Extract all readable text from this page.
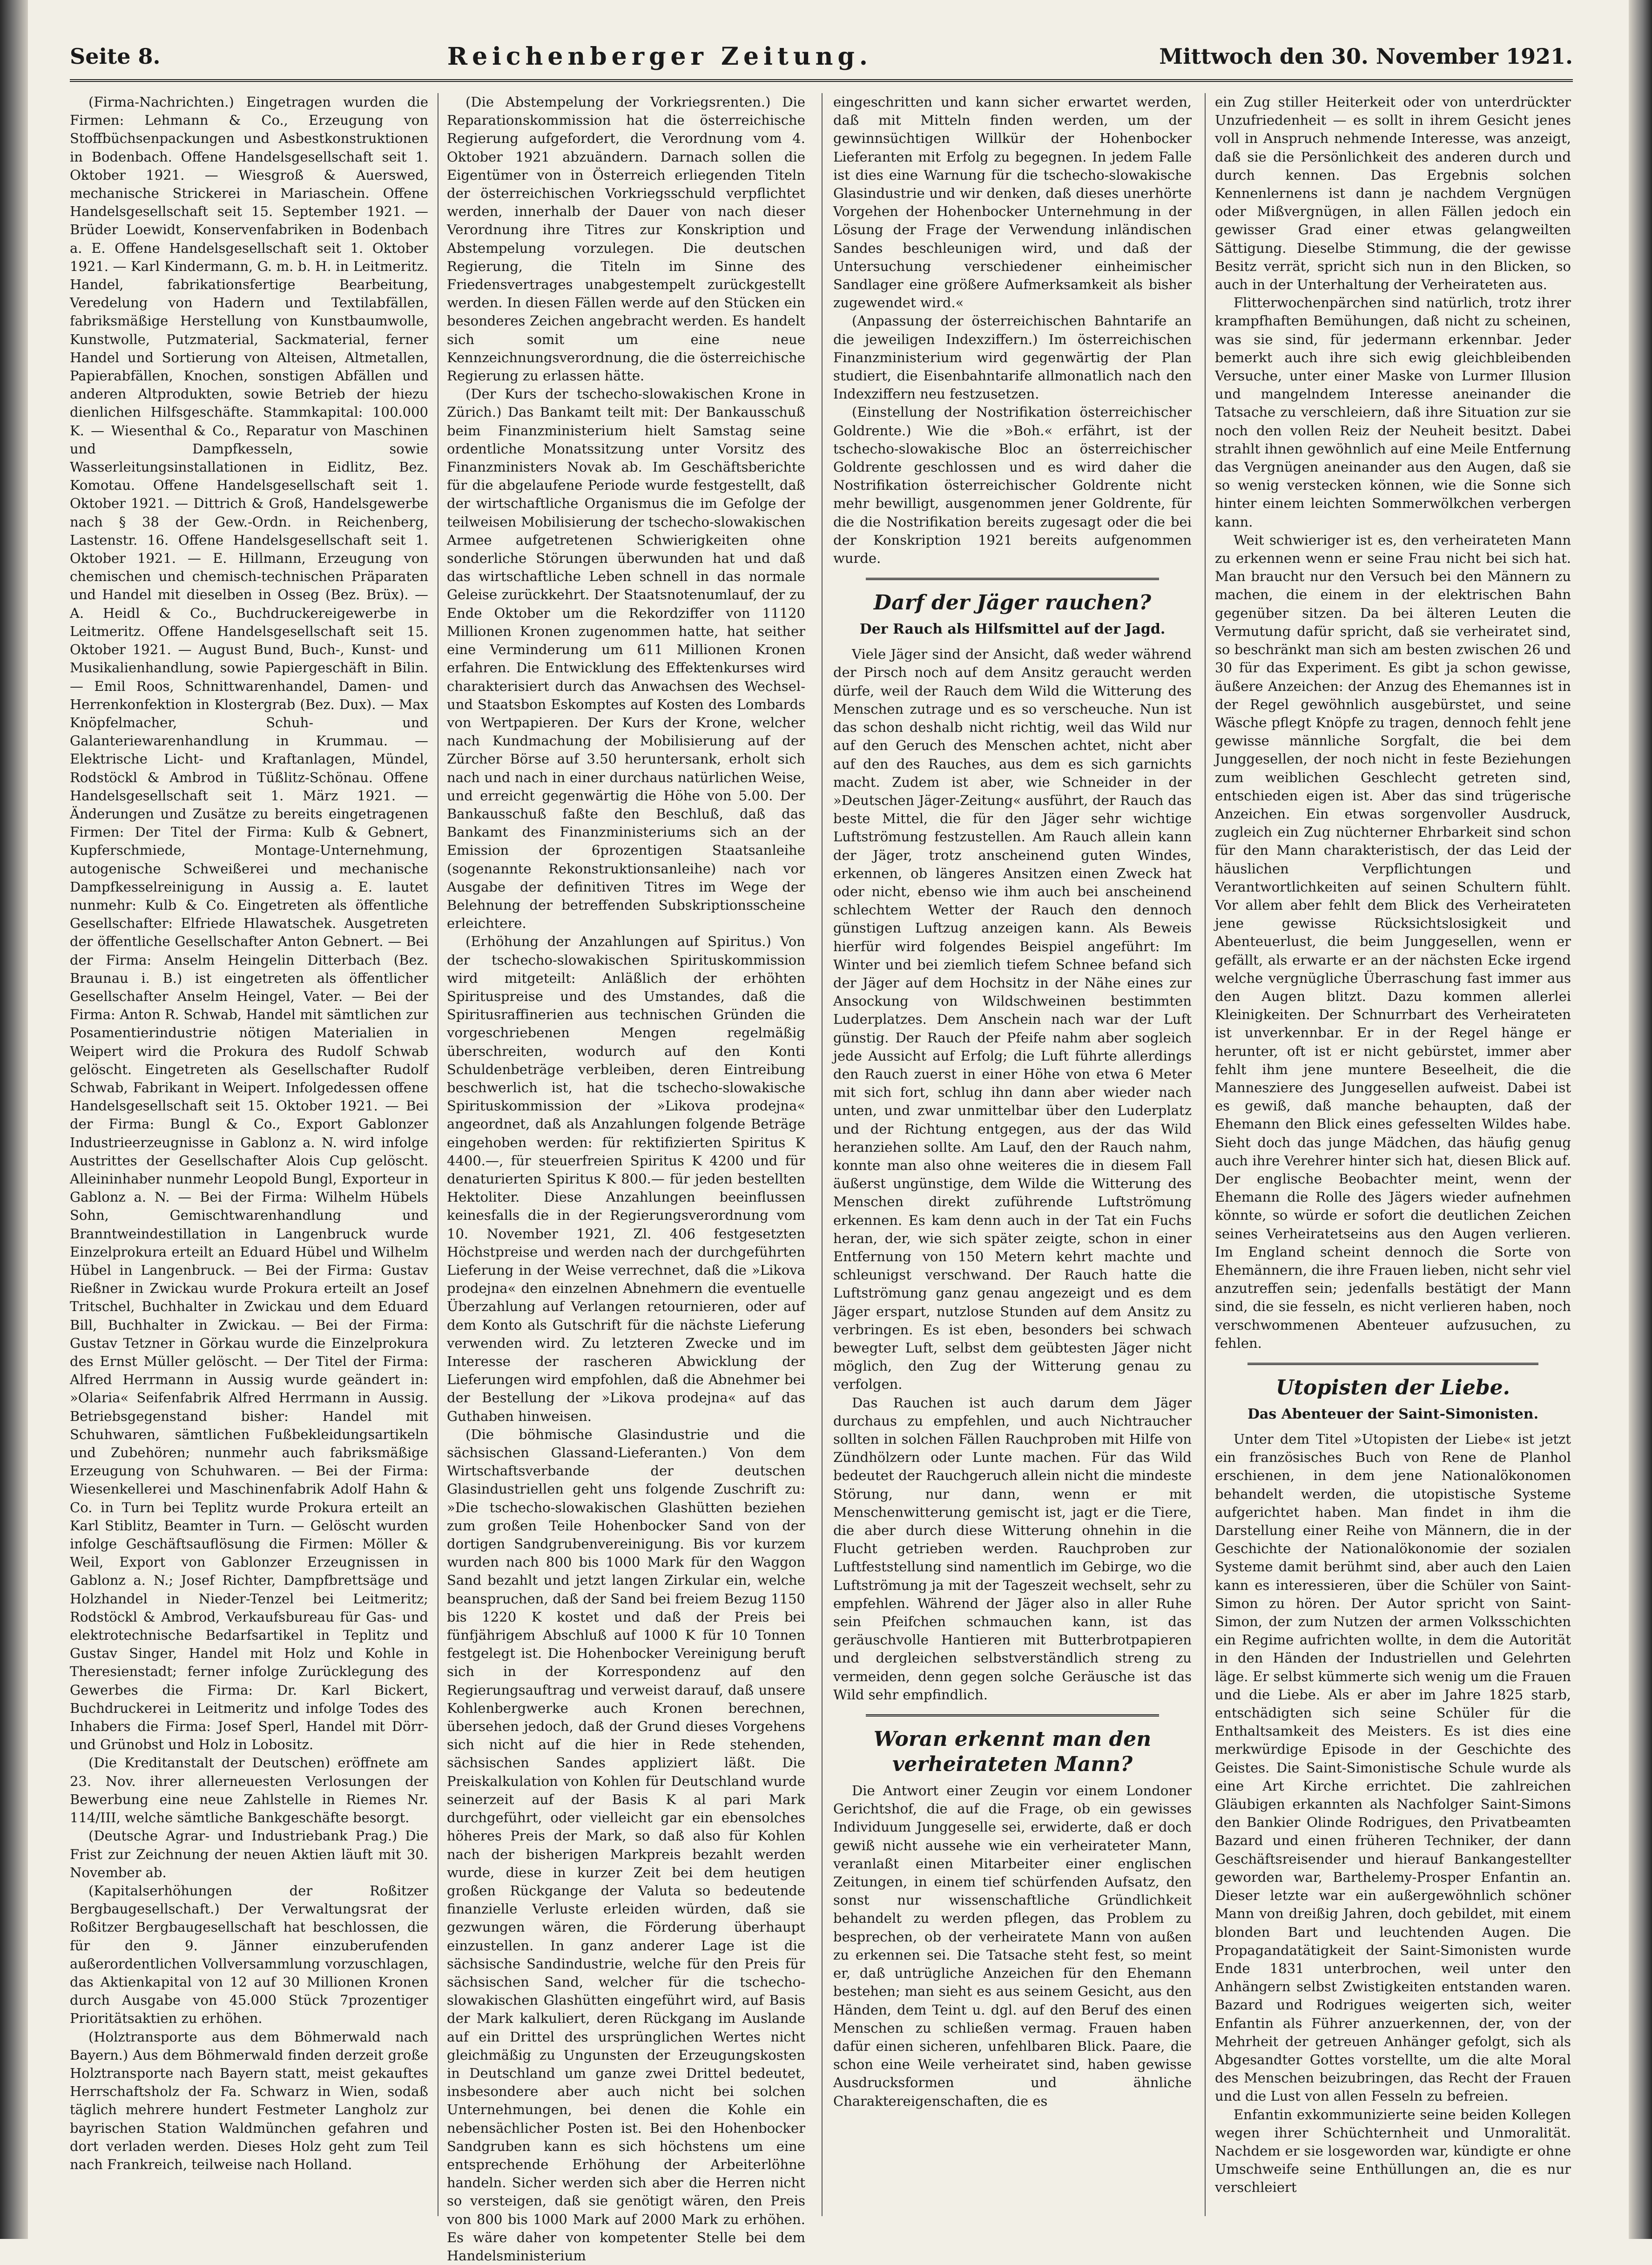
Seite 8.	Reichenberger Zeitung.	Mittwoch den 30. November 1921.

(Firma-Nachrichten.) Eingetragen wurden die Firmen: Lehmann & Co., Erzeugung von Stoffbüchsenpackungen und Asbestkonstruktionen in Bodenbach. Offene Handelsgesellschaft seit 1. Oktober 1921. — Wiesgroß & Auerswed, mechanische Strickerei in Mariaschein. Offene Handelsgesellschaft seit 15. September 1921. — Brüder Loewidt, Konservenfabriken in Bodenbach a. E. Offene Handelsgesellschaft seit 1. Oktober 1921. — Karl Kindermann, G. m. b. H. in Leitmeritz. Handel, fabrikationsfertige Bearbeitung, Veredelung von Hadern und Textilabfällen, fabriksmäßige Herstellung von Kunstbaumwolle, Kunstwolle, Putzmaterial, Sackmaterial, ferner Handel und Sortierung von Alteisen, Altmetallen, Papierabfällen, Knochen, sonstigen Abfällen und anderen Altprodukten, sowie Betrieb der hiezu dienlichen Hilfsgeschäfte. Stammkapital: 100.000 K. — Wiesenthal & Co., Reparatur von Maschinen und Dampfkesseln, sowie Wasserleitungsinstallationen in Eidlitz, Bez. Komotau. Offene Handelsgesellschaft seit 1. Oktober 1921. — Dittrich & Groß, Handelsgewerbe nach § 38 der Gew.-Ordn. in Reichenberg, Lastenstr. 16. Offene Handelsgesellschaft seit 1. Oktober 1921. — E. Hillmann, Erzeugung von chemischen und chemisch-technischen Präparaten und Handel mit dieselben in Osseg (Bez. Brüx). — A. Heidl & Co., Buchdruckereigewerbe in Leitmeritz. Offene Handelsgesellschaft seit 15. Oktober 1921. — August Bund, Buch-, Kunst- und Musikalienhandlung, sowie Papiergeschäft in Bilin. — Emil Roos, Schnittwarenhandel, Damen- und Herrenkonfektion in Klostergrab (Bez. Dux). — Max Knöpfelmacher, Schuh- und Galanteriewarenhandlung in Krummau. — Elektrische Licht- und Kraftanlagen, Mündel, Rodstöckl & Ambrod in Tüßlitz-Schönau. Offene Handelsgesellschaft seit 1. März 1921. — Änderungen und Zusätze zu bereits eingetragenen Firmen: Der Titel der Firma: Kulb & Gebnert, Kupferschmiede, Montage-Unternehmung, autogenische Schweißerei und mechanische Dampfkesselreinigung in Aussig a. E. lautet nunmehr: Kulb & Co. Eingetreten als öffentliche Gesellschafter: Elfriede Hlawatschek. Ausgetreten der öffentliche Gesellschafter Anton Gebnert. — Bei der Firma: Anselm Heingelin Ditterbach (Bez. Braunau i. B.) ist eingetreten als öffentlicher Gesellschafter Anselm Heingel, Vater. — Bei der Firma: Anton R. Schwab, Handel mit sämtlichen zur Posamentierindustrie nötigen Materialien in Weipert wird die Prokura des Rudolf Schwab gelöscht. Eingetreten als Gesellschafter Rudolf Schwab, Fabrikant in Weipert. Infolgedessen offene Handelsgesellschaft seit 15. Oktober 1921. — Bei der Firma: Bungl & Co., Export Gablonzer Industrieerzeugnisse in Gablonz a. N. wird infolge Austrittes der Gesellschafter Alois Cup gelöscht. Alleininhaber nunmehr Leopold Bungl, Exporteur in Gablonz a. N. — Bei der Firma: Wilhelm Hübels Sohn, Gemischtwarenhandlung und Branntweindestillation in Langenbruck wurde Einzelprokura erteilt an Eduard Hübel und Wilhelm Hübel in Langenbruck. — Bei der Firma: Gustav Rießner in Zwickau wurde Prokura erteilt an Josef Tritschel, Buchhalter in Zwickau und dem Eduard Bill, Buchhalter in Zwickau. — Bei der Firma: Gustav Tetzner in Görkau wurde die Einzelprokura des Ernst Müller gelöscht. — Der Titel der Firma: Alfred Herrmann in Aussig wurde geändert in: »Olaria« Seifenfabrik Alfred Herrmann in Aussig. Betriebsgegenstand bisher: Handel mit Schuhwaren, sämtlichen Fußbekleidungsartikeln und Zubehören; nunmehr auch fabriksmäßige Erzeugung von Schuhwaren. — Bei der Firma: Wiesenkellerei und Maschinenfabrik Adolf Hahn & Co. in Turn bei Teplitz wurde Prokura erteilt an Karl Stiblitz, Beamter in Turn. — Gelöscht wurden infolge Geschäftsauflösung die Firmen: Möller & Weil, Export von Gablonzer Erzeugnissen in Gablonz a. N.; Josef Richter, Dampfbrettsäge und Holzhandel in Nieder-Tenzel bei Leitmeritz; Rodstöckl & Ambrod, Verkaufsbureau für Gas- und elektrotechnische Bedarfsartikel in Teplitz und Gustav Singer, Handel mit Holz und Kohle in Theresienstadt; ferner infolge Zurücklegung des Gewerbes die Firma: Dr. Karl Bickert, Buchdruckerei in Leitmeritz und infolge Todes des Inhabers die Firma: Josef Sperl, Handel mit Dörr- und Grünobst und Holz in Lobositz.

(Die Kreditanstalt der Deutschen) eröffnete am 23. Nov. ihrer allerneuesten Verlosungen der Bewerbung eine neue Zahlstelle in Riemes Nr. 114/III, welche sämtliche Bankgeschäfte besorgt.

(Deutsche Agrar- und Industriebank Prag.) Die Frist zur Zeichnung der neuen Aktien läuft mit 30. November ab.

(Kapitalserhöhungen der Roßitzer Bergbaugesellschaft.) Der Verwaltungsrat der Roßitzer Bergbaugesellschaft hat beschlossen, die für den 9. Jänner einzuberufenden außerordentlichen Vollversammlung vorzuschlagen, das Aktienkapital von 12 auf 30 Millionen Kronen durch Ausgabe von 45.000 Stück 7prozentiger Prioritätsaktien zu erhöhen.

(Holztransporte aus dem Böhmerwald nach Bayern.) Aus dem Böhmerwald finden derzeit große Holztransporte nach Bayern statt, meist gekauftes Herrschaftsholz der Fa. Schwarz in Wien, sodaß täglich mehrere hundert Festmeter Langholz zur bayrischen Station Waldmünchen gefahren und dort verladen werden. Dieses Holz geht zum Teil nach Frankreich, teilweise nach Holland.

(Die Abstempelung der Vorkriegsrenten.) Die Reparationskommission hat die österreichische Regierung aufgefordert, die Verordnung vom 4. Oktober 1921 abzuändern. Darnach sollen die Eigentümer von in Österreich erliegenden Titeln der österreichischen Vorkriegsschuld verpflichtet werden, innerhalb der Dauer von nach dieser Verordnung ihre Titres zur Konskription und Abstempelung vorzulegen. Die deutschen Regierung, die Titeln im Sinne des Friedensvertrages unabgestempelt zurückgestellt werden. In diesen Fällen werde auf den Stücken ein besonderes Zeichen angebracht werden. Es handelt sich somit um eine neue Kennzeichnungsverordnung, die die österreichische Regierung zu erlassen hätte.

(Der Kurs der tschecho-slowakischen Krone in Zürich.) Das Bankamt teilt mit: Der Bankausschuß beim Finanzministerium hielt Samstag seine ordentliche Monatssitzung unter Vorsitz des Finanzministers Novak ab. Im Geschäftsberichte für die abgelaufene Periode wurde festgestellt, daß der wirtschaftliche Organismus die im Gefolge der teilweisen Mobilisierung der tschecho-slowakischen Armee aufgetretenen Schwierigkeiten ohne sonderliche Störungen überwunden hat und daß das wirtschaftliche Leben schnell in das normale Geleise zurückkehrt. Der Staatsnotenumlauf, der zu Ende Oktober um die Rekordziffer von 11120 Millionen Kronen zugenommen hatte, hat seither eine Verminderung um 611 Millionen Kronen erfahren. Die Entwicklung des Effektenkurses wird charakterisiert durch das Anwachsen des Wechsel- und Staatsbon Eskomptes auf Kosten des Lombards von Wertpapieren. Der Kurs der Krone, welcher nach Kundmachung der Mobilisierung auf der Zürcher Börse auf 3.50 heruntersank, erholt sich nach und nach in einer durchaus natürlichen Weise, und erreicht gegenwärtig die Höhe von 5.00. Der Bankausschuß faßte den Beschluß, daß das Bankamt des Finanzministeriums sich an der Emission der 6prozentigen Staatsanleihe (sogenannte Rekonstruktionsanleihe) nach vor Ausgabe der definitiven Titres im Wege der Belehnung der betreffenden Subskriptionsscheine erleichtere.

(Erhöhung der Anzahlungen auf Spiritus.) Von der tschecho-slowakischen Spirituskommission wird mitgeteilt: Anläßlich der erhöhten Spirituspreise und des Umstandes, daß die Spiritusraffinerien aus technischen Gründen die vorgeschriebenen Mengen regelmäßig überschreiten, wodurch auf den Konti Schuldenbeträge verbleiben, deren Eintreibung beschwerlich ist, hat die tschecho-slowakische Spirituskommission der »Likova prodejna« angeordnet, daß als Anzahlungen folgende Beträge eingehoben werden: für rektifizierten Spiritus K 4400.—, für steuerfreien Spiritus K 4200 und für denaturierten Spiritus K 800.— für jeden bestellten Hektoliter. Diese Anzahlungen beeinflussen keinesfalls die in der Regierungsverordnung vom 10. November 1921, Zl. 406 festgesetzten Höchstpreise und werden nach der durchgeführten Lieferung in der Weise verrechnet, daß die »Likova prodejna« den einzelnen Abnehmern die eventuelle Überzahlung auf Verlangen retournieren, oder auf dem Konto als Gutschrift für die nächste Lieferung verwenden wird. Zu letzteren Zwecke und im Interesse der rascheren Abwicklung der Lieferungen wird empfohlen, daß die Abnehmer bei der Bestellung der »Likova prodejna« auf das Guthaben hinweisen.

(Die böhmische Glasindustrie und die sächsischen Glassand-Lieferanten.) Von dem Wirtschaftsverbande der deutschen Glasindustriellen geht uns folgende Zuschrift zu: »Die tschecho-slowakischen Glashütten beziehen zum großen Teile Hohenbocker Sand von der dortigen Sandgrubenvereinigung. Bis vor kurzem wurden nach 800 bis 1000 Mark für den Waggon Sand bezahlt und jetzt langen Zirkular ein, welche beanspruchen, daß der Sand bei freiem Bezug 1150 bis 1220 K kostet und daß der Preis bei fünfjährigem Abschluß auf 1000 K für 10 Tonnen festgelegt ist. Die Hohenbocker Vereinigung beruft sich in der Korrespondenz auf den Regierungsauftrag und verweist darauf, daß unsere Kohlenbergwerke auch Kronen berechnen, übersehen jedoch, daß der Grund dieses Vorgehens sich nicht auf die hier in Rede stehenden, sächsischen Sandes appliziert läßt. Die Preiskalkulation von Kohlen für Deutschland wurde seinerzeit auf der Basis K al pari Mark durchgeführt, oder vielleicht gar ein ebensolches höheres Preis der Mark, so daß also für Kohlen nach der bisherigen Markpreis bezahlt werden wurde, diese in kurzer Zeit bei dem heutigen großen Rückgange der Valuta so bedeutende finanzielle Verluste erleiden würden, daß sie gezwungen wären, die Förderung überhaupt einzustellen. In ganz anderer Lage ist die sächsische Sandindustrie, welche für den Preis für sächsischen Sand, welcher für die tschecho-slowakischen Glashütten eingeführt wird, auf Basis der Mark kalkuliert, deren Rückgang im Auslande auf ein Drittel des ursprünglichen Wertes nicht gleichmäßig zu Ungunsten der Erzeugungskosten in Deutschland um ganze zwei Drittel bedeutet, insbesondere aber auch nicht bei solchen Unternehmungen, bei denen die Kohle ein nebensächlicher Posten ist. Bei den Hohenbocker Sandgruben kann es sich höchstens um eine entsprechende Erhöhung der Arbeiterlöhne handeln. Sicher werden sich aber die Herren nicht so versteigen, daß sie genötigt wären, den Preis von 800 bis 1000 Mark auf 2000 Mark zu erhöhen. Es wäre daher von kompetenter Stelle bei dem Handelsministerium

eingeschritten und kann sicher erwartet werden, daß mit Mitteln finden werden, um der gewinnsüchtigen Willkür der Hohenbocker Lieferanten mit Erfolg zu begegnen. In jedem Falle ist dies eine Warnung für die tschecho-slowakische Glasindustrie und wir denken, daß dieses unerhörte Vorgehen der Hohenbocker Unternehmung in der Lösung der Frage der Verwendung inländischen Sandes beschleunigen wird, und daß der Untersuchung verschiedener einheimischer Sandlager eine größere Aufmerksamkeit als bisher zugewendet wird.«

(Anpassung der österreichischen Bahntarife an die jeweiligen Indexziffern.) Im österreichischen Finanzministerium wird gegenwärtig der Plan studiert, die Eisenbahntarife allmonatlich nach den Indexziffern neu festzusetzen.

(Einstellung der Nostrifikation österreichischer Goldrente.) Wie die »Boh.« erfährt, ist der tschecho-slowakische Bloc an österreichischer Goldrente geschlossen und es wird daher die Nostrifikation österreichischer Goldrente nicht mehr bewilligt, ausgenommen jener Goldrente, für die die Nostrifikation bereits zugesagt oder die bei der Konskription 1921 bereits aufgenommen wurde.

Darf der Jäger rauchen?
Der Rauch als Hilfsmittel auf der Jagd.

Viele Jäger sind der Ansicht, daß weder während der Pirsch noch auf dem Ansitz geraucht werden dürfe, weil der Rauch dem Wild die Witterung des Menschen zutrage und es so verscheuche. Nun ist das schon deshalb nicht richtig, weil das Wild nur auf den Geruch des Menschen achtet, nicht aber auf den des Rauches, aus dem es sich garnichts macht. Zudem ist aber, wie Schneider in der »Deutschen Jäger-Zeitung« ausführt, der Rauch das beste Mittel, die für den Jäger sehr wichtige Luftströmung festzustellen. Am Rauch allein kann der Jäger, trotz anscheinend guten Windes, erkennen, ob längeres Ansitzen einen Zweck hat oder nicht, ebenso wie ihm auch bei anscheinend schlechtem Wetter der Rauch den dennoch günstigen Luftzug anzeigen kann. Als Beweis hierfür wird folgendes Beispiel angeführt: Im Winter und bei ziemlich tiefem Schnee befand sich der Jäger auf dem Hochsitz in der Nähe eines zur Ansockung von Wildschweinen bestimmten Luderplatzes. Dem Anschein nach war der Luft günstig. Der Rauch der Pfeife nahm aber sogleich jede Aussicht auf Erfolg; die Luft führte allerdings den Rauch zuerst in einer Höhe von etwa 6 Meter mit sich fort, schlug ihn dann aber wieder nach unten, und zwar unmittelbar über den Luderplatz und der Richtung entgegen, aus der das Wild heranziehen sollte. Am Lauf, den der Rauch nahm, konnte man also ohne weiteres die in diesem Fall äußerst ungünstige, dem Wilde die Witterung des Menschen direkt zuführende Luftströmung erkennen. Es kam denn auch in der Tat ein Fuchs heran, der, wie sich später zeigte, schon in einer Entfernung von 150 Metern kehrt machte und schleunigst verschwand. Der Rauch hatte die Luftströmung ganz genau angezeigt und es dem Jäger erspart, nutzlose Stunden auf dem Ansitz zu verbringen. Es ist eben, besonders bei schwach bewegter Luft, selbst dem geübtesten Jäger nicht möglich, den Zug der Witterung genau zu verfolgen.

Das Rauchen ist auch darum dem Jäger durchaus zu empfehlen, und auch Nichtraucher sollten in solchen Fällen Rauchproben mit Hilfe von Zündhölzern oder Lunte machen. Für das Wild bedeutet der Rauchgeruch allein nicht die mindeste Störung, nur dann, wenn er mit Menschenwitterung gemischt ist, jagt er die Tiere, die aber durch diese Witterung ohnehin in die Flucht getrieben werden. Rauchproben zur Luftfeststellung sind namentlich im Gebirge, wo die Luftströmung ja mit der Tageszeit wechselt, sehr zu empfehlen. Während der Jäger also in aller Ruhe sein Pfeifchen schmauchen kann, ist das geräuschvolle Hantieren mit Butterbrotpapieren und dergleichen selbstverständlich streng zu vermeiden, denn gegen solche Geräusche ist das Wild sehr empfindlich.

Woran erkennt man den verheirateten Mann?

Die Antwort einer Zeugin vor einem Londoner Gerichtshof, die auf die Frage, ob ein gewisses Individuum Junggeselle sei, erwiderte, daß er doch gewiß nicht aussehe wie ein verheirateter Mann, veranlaßt einen Mitarbeiter einer englischen Zeitungen, in einem tief schürfenden Aufsatz, den sonst nur wissenschaftliche Gründlichkeit behandelt zu werden pflegen, das Problem zu besprechen, ob der verheiratete Mann von außen zu erkennen sei. Die Tatsache steht fest, so meint er, daß untrügliche Anzeichen für den Ehemann bestehen; man sieht es aus seinem Gesicht, aus den Händen, dem Teint u. dgl. auf den Beruf des einen Menschen zu schließen vermag. Frauen haben dafür einen sicheren, unfehlbaren Blick. Paare, die schon eine Weile verheiratet sind, haben gewisse Ausdrucksformen und ähnliche Charaktereigenschaften, die es

ein Zug stiller Heiterkeit oder von unterdrückter Unzufriedenheit — es sollt in ihrem Gesicht jenes voll in Anspruch nehmende Interesse, was anzeigt, daß sie die Persönlichkeit des anderen durch und durch kennen. Das Ergebnis solchen Kennenlernens ist dann je nachdem Vergnügen oder Mißvergnügen, in allen Fällen jedoch ein gewisser Grad einer etwas gelangweilten Sättigung. Dieselbe Stimmung, die der gewisse Besitz verrät, spricht sich nun in den Blicken, so auch in der Unterhaltung der Verheirateten aus.

Flitterwochenpärchen sind natürlich, trotz ihrer krampfhaften Bemühungen, daß nicht zu scheinen, was sie sind, für jedermann erkennbar. Jeder bemerkt auch ihre sich ewig gleichbleibenden Versuche, unter einer Maske von Lurmer Illusion und mangelndem Interesse aneinander die Tatsache zu verschleiern, daß ihre Situation zur sie noch den vollen Reiz der Neuheit besitzt. Dabei strahlt ihnen gewöhnlich auf eine Meile Entfernung das Vergnügen aneinander aus den Augen, daß sie so wenig verstecken können, wie die Sonne sich hinter einem leichten Sommerwölkchen verbergen kann.

Weit schwieriger ist es, den verheirateten Mann zu erkennen wenn er seine Frau nicht bei sich hat. Man braucht nur den Versuch bei den Männern zu machen, die einem in der elektrischen Bahn gegenüber sitzen. Da bei älteren Leuten die Vermutung dafür spricht, daß sie verheiratet sind, so beschränkt man sich am besten zwischen 26 und 30 für das Experiment. Es gibt ja schon gewisse, äußere Anzeichen: der Anzug des Ehemannes ist in der Regel gewöhnlich ausgebürstet, und seine Wäsche pflegt Knöpfe zu tragen, dennoch fehlt jene gewisse männliche Sorgfalt, die bei dem Junggesellen, der noch nicht in feste Beziehungen zum weiblichen Geschlecht getreten sind, entschieden eigen ist. Aber das sind trügerische Anzeichen. Ein etwas sorgenvoller Ausdruck, zugleich ein Zug nüchterner Ehrbarkeit sind schon für den Mann charakteristisch, der das Leid der häuslichen Verpflichtungen und Verantwortlichkeiten auf seinen Schultern fühlt. Vor allem aber fehlt dem Blick des Verheirateten jene gewisse Rücksichtslosigkeit und Abenteuerlust, die beim Junggesellen, wenn er gefällt, als erwarte er an der nächsten Ecke irgend welche vergnügliche Überraschung fast immer aus den Augen blitzt. Dazu kommen allerlei Kleinigkeiten. Der Schnurrbart des Verheirateten ist unverkennbar. Er in der Regel hänge er herunter, oft ist er nicht gebürstet, immer aber fehlt ihm jene muntere Beseelheit, die die Mannesziere des Junggesellen aufweist. Dabei ist es gewiß, daß manche behaupten, daß der Ehemann den Blick eines gefesselten Wildes habe. Sieht doch das junge Mädchen, das häufig genug auch ihre Verehrer hinter sich hat, diesen Blick auf. Der englische Beobachter meint, wenn der Ehemann die Rolle des Jägers wieder aufnehmen könnte, so würde er sofort die deutlichen Zeichen seines Verheiratetseins aus den Augen verlieren. Im England scheint dennoch die Sorte von Ehemännern, die ihre Frauen lieben, nicht sehr viel anzutreffen sein; jedenfalls bestätigt der Mann sind, die sie fesseln, es nicht verlieren haben, noch verschwommenen Abenteuer aufzusuchen, zu fehlen.

Utopisten der Liebe.
Das Abenteuer der Saint-Simonisten.

Unter dem Titel »Utopisten der Liebe« ist jetzt ein französisches Buch von Rene de Planhol erschienen, in dem jene Nationalökonomen behandelt werden, die utopistische Systeme aufgerichtet haben. Man findet in ihm die Darstellung einer Reihe von Männern, die in der Geschichte der Nationalökonomie der sozialen Systeme damit berühmt sind, aber auch den Laien kann es interessieren, über die Schüler von Saint-Simon zu hören. Der Autor spricht von Saint-Simon, der zum Nutzen der armen Volksschichten ein Regime aufrichten wollte, in dem die Autorität in den Händen der Industriellen und Gelehrten läge. Er selbst kümmerte sich wenig um die Frauen und die Liebe. Als er aber im Jahre 1825 starb, entschädigten sich seine Schüler für die Enthaltsamkeit des Meisters. Es ist dies eine merkwürdige Episode in der Geschichte des Geistes. Die Saint-Simonistische Schule wurde als eine Art Kirche errichtet. Die zahlreichen Gläubigen erkannten als Nachfolger Saint-Simons den Bankier Olinde Rodrigues, den Privatbeamten Bazard und einen früheren Techniker, der dann Geschäftsreisender und hierauf Bankangestellter geworden war, Barthelemy-Prosper Enfantin an. Dieser letzte war ein außergewöhnlich schöner Mann von dreißig Jahren, doch gebildet, mit einem blonden Bart und leuchtenden Augen. Die Propagandatätigkeit der Saint-Simonisten wurde Ende 1831 unterbrochen, weil unter den Anhängern selbst Zwistigkeiten entstanden waren. Bazard und Rodrigues weigerten sich, weiter Enfantin als Führer anzuerkennen, der, von der Mehrheit der getreuen Anhänger gefolgt, sich als Abgesandter Gottes vorstellte, um die alte Moral des Menschen beizubringen, das Recht der Frauen und die Lust von allen Fesseln zu befreien.

Enfantin exkommunizierte seine beiden Kollegen wegen ihrer Schüchternheit und Unmoralität. Nachdem er sie losgeworden war, kündigte er ohne Umschweife seine Enthüllungen an, die es nur verschleiert
